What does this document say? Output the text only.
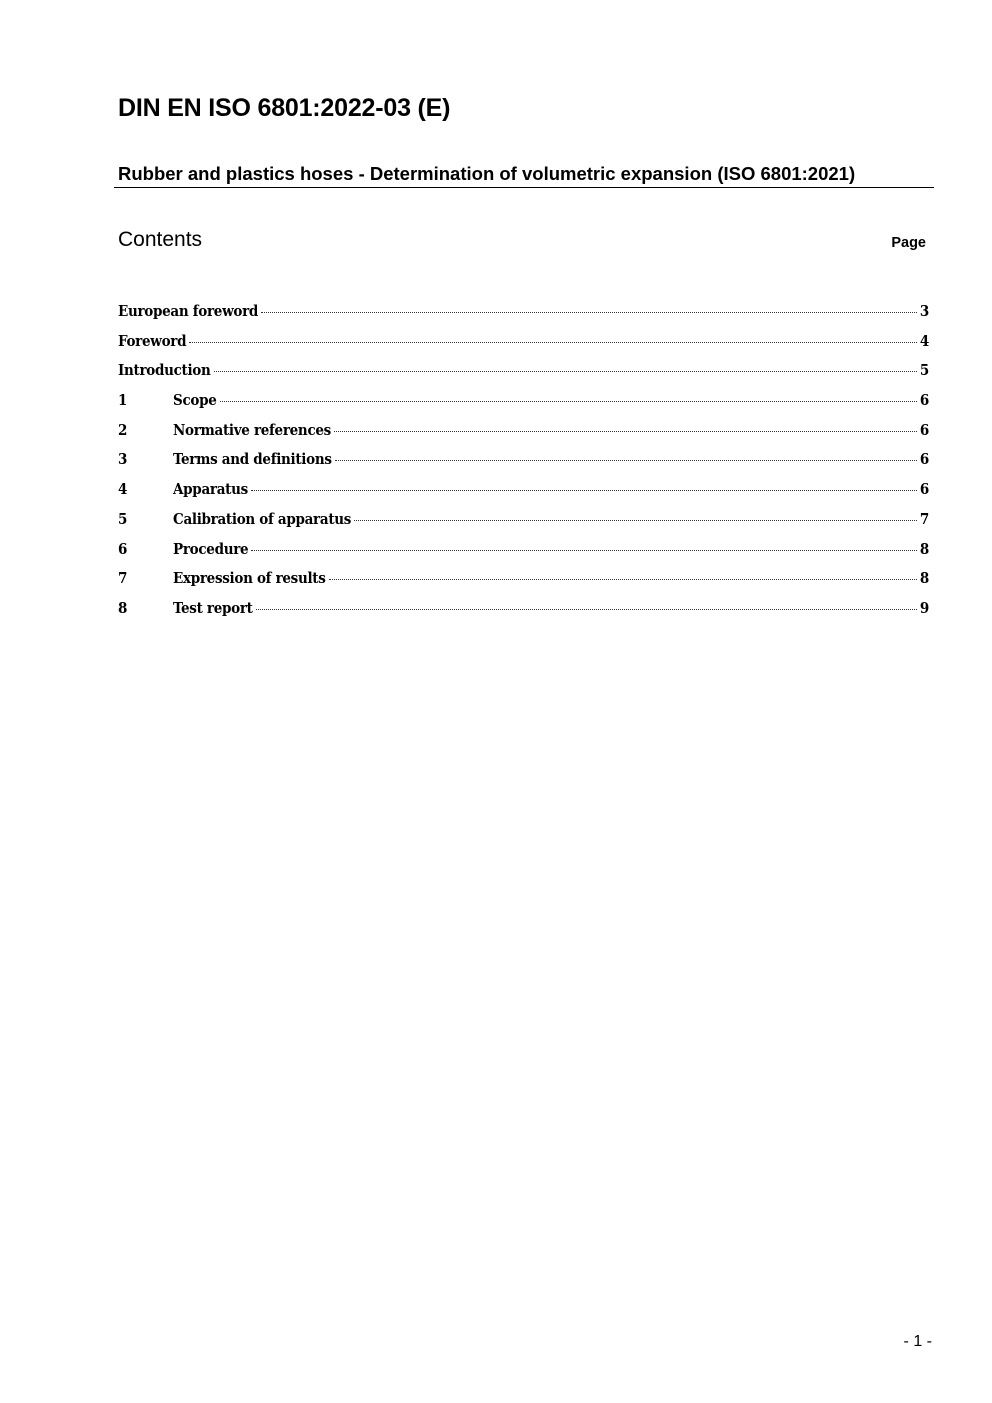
DIN EN ISO 6801:2022-03 (E)
Rubber and plastics hoses - Determination of volumetric expansion (ISO 6801:2021)
Contents	Page
European foreword	3
Foreword	4
Introduction	5
1	Scope	6
2	Normative references	6
3	Terms and definitions	6
4	Apparatus	6
5	Calibration of apparatus	7
6	Procedure	8
7	Expression of results	8
8	Test report	9
- 1 -
